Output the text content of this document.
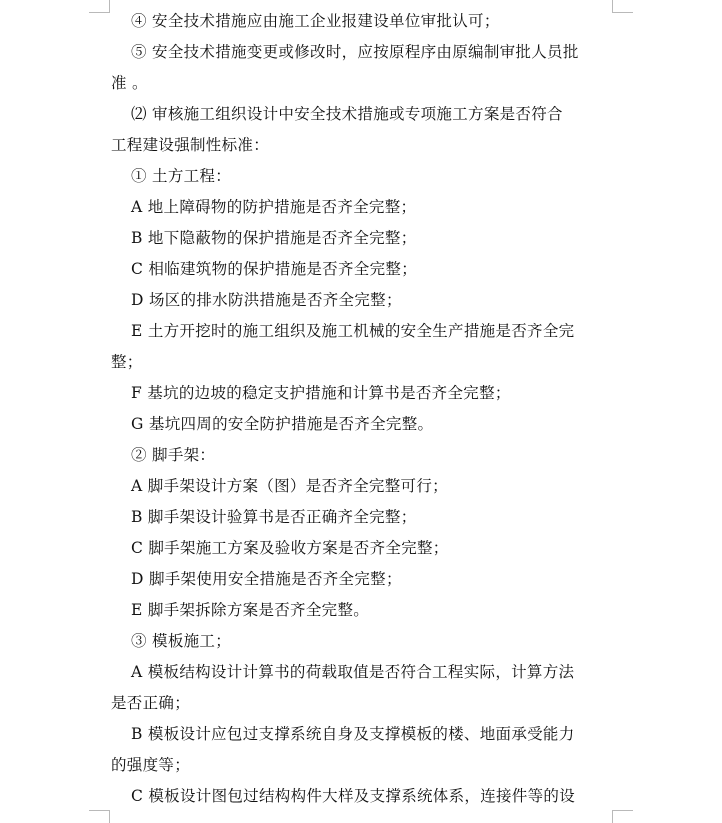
④ 安全技术措施应由施工企业报建设单位审批认可；
⑤ 安全技术措施变更或修改时，应按原程序由原编制审批人员批
准 。
⑵ 审核施工组织设计中安全技术措施或专项施工方案是否符合
工程建设强制性标准：
① 土方工程：
A 地上障碍物的防护措施是否齐全完整；
B 地下隐蔽物的保护措施是否齐全完整；
C 相临建筑物的保护措施是否齐全完整；
D 场区的排水防洪措施是否齐全完整；
E 土方开挖时的施工组织及施工机械的安全生产措施是否齐全完
整；
F 基坑的边坡的稳定支护措施和计算书是否齐全完整；
G 基坑四周的安全防护措施是否齐全完整。
② 脚手架：
A 脚手架设计方案（图）是否齐全完整可行；
B 脚手架设计验算书是否正确齐全完整；
C 脚手架施工方案及验收方案是否齐全完整；
D 脚手架使用安全措施是否齐全完整；
E 脚手架拆除方案是否齐全完整。
③ 模板施工；
A 模板结构设计计算书的荷载取值是否符合工程实际，计算方法
是否正确；
B 模板设计应包过支撑系统自身及支撑模板的楼、地面承受能力
的强度等；
C 模板设计图包过结构构件大样及支撑系统体系，连接件等的设
